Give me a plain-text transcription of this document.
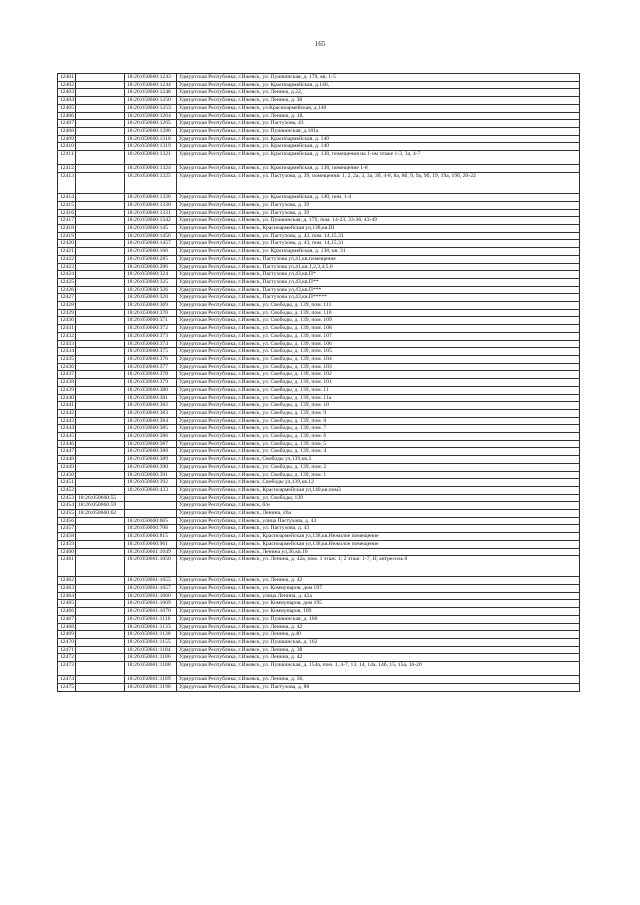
165
12401		18:26:050660:1243	Удмуртская Республика, г.Ижевск, ул. Пушкинская, д. 179, кв. 1-5
12402		18:26:050660:1244	Удмуртская Республика, г.Ижевск, ул. Красноармейская, д.140,
12403		18:26:050660:1248	Удмуртская Республика, г.Ижевск, ул. Ленина, д.22,
12404		18:26:050660:1250	Удмуртская Республика, г.Ижевск, ул. Ленина, д. 30
12405		18:26:050660:1253	Удмуртская Республика, г.Ижевск, ул.Красноармейская, д.140
12406		18:26:050660:1264	Удмуртская Республика, г.Ижевск, ул. Ленина, д. 18,
12407		18:26:050660:1265	Удмуртская Республика, г.Ижевск, ул. Пастухова, 43
12408		18:26:050660:1286	Удмуртская Республика, г.Ижевск, ул. Пушкинская, д.181а
12409		18:26:050660:1318	Удмуртская Республика, г.Ижевск, ул. Красноармейская, д. 140
12410		18:26:050660:1319	Удмуртская Республика, г.Ижевск, ул. Красноармейская, д. 140
12411		18:26:050660:1321	Удмуртская Республика, г.Ижевск, ул. Красноармейская, д. 138, помещения на 1-ом этаже 1-3, 3а, 4-7
12412		18:26:050660:1324	Удмуртская Республика, г.Ижевск, ул. Красноармейская, д. 138, помещение 1-8
12413		18:26:050660:1325	Удмуртская Республика, г.Ижевск, ул. Пастухова, д. 39, помещения: 1, 2, 2а, 3, 3а, 3б, 4-8, 8а, 8б, 9, 9а, 9б, 19, 19а, 19б, 20-22
12414		18:26:050660:1326	Удмуртская Республика, г.Ижевск, ул. Красноармейская, д. 140, пом. 1-4
12415		18:26:050660:1330	Удмуртская Республика, г.Ижевск, ул. Пастухова, д. 39
12416		18:26:050660:1331	Удмуртская Республика, г.Ижевск, ул. Пастухова, д. 39
12417		18:26:050660:1342	Удмуртская Республика, г.Ижевск, ул. Пушкинская, д. 179, пом. 14-23, 33-36, 43-49
12418		18:26:050660:145	Удмуртская Республика, г.Ижевск, Красноармейская ул,138,кв.III
12419		18:26:050660:1456	Удмуртская Республика, г.Ижевск, ул. Пастухова, д. 43, пом. 14,15,31
12420		18:26:050660:1457	Удмуртская Республика, г.Ижевск, ул. Пастухова, д. 43, пом. 14,15,31
12421		18:26:050660:166	Удмуртская Республика, г.Ижевск, ул. Красноармейская, д. 138, кв. 31
12422		18:26:050660:285	Удмуртская Республика, г.Ижевск, Пастухова ул,41,кв.помещение
12423		18:26:050660:286	Удмуртская Республика, г.Ижевск, Пастухова ул,41,кв.1,2,3,4,5,6
12424		18:26:050660:324	Удмуртская Республика, г.Ижевск, Пастухова ул,43,кв.П*
12425		18:26:050660:325	Удмуртская Республика, г.Ижевск, Пастухова ул,43,кв.П**
12426		18:26:050660:326	Удмуртская Республика, г.Ижевск, Пастухова ул,43,кв.П***
12427		18:26:050660:328	Удмуртская Республика, г.Ижевск, Пастухова ул,43,кв.П*****
12428		18:26:050660:369	Удмуртская Республика, г.Ижевск, ул. Свободы, д. 139, пом. 111
12429		18:26:050660:370	Удмуртская Республика, г.Ижевск, ул. Свободы, д. 139, пом. 110
12430		18:26:050660:371	Удмуртская Республика, г.Ижевск, ул. Свободы, д. 139, пом. 109
12431		18:26:050660:372	Удмуртская Республика, г.Ижевск, ул. Свободы, д. 139, пом. 108
12432		18:26:050660:373	Удмуртская Республика, г.Ижевск, ул. Свободы, д. 139, пом. 107
12433		18:26:050660:374	Удмуртская Республика, г.Ижевск, ул. Свободы, д. 139, пом. 106
12434		18:26:050660:375	Удмуртская Республика, г.Ижевск, ул. Свободы, д. 139, пом. 105
12435		18:26:050660:376	Удмуртская Республика, г.Ижевск, ул. Свободы, д. 139, пом. 104
12436		18:26:050660:377	Удмуртская Республика, г.Ижевск, ул. Свободы, д. 139, пом. 103
12437		18:26:050660:378	Удмуртская Республика, г.Ижевск, ул. Свободы, д. 139, пом. 102
12438		18:26:050660:379	Удмуртская Республика, г.Ижевск, ул. Свободы, д. 139, пом. 101
12439		18:26:050660:380	Удмуртская Республика, г.Ижевск, ул. Свободы, д. 139, пом. 11
12440		18:26:050660:381	Удмуртская Республика, г.Ижевск, ул. Свободы, д. 139, пом. 11а
12441		18:26:050660:382	Удмуртская Республика, г.Ижевск, ул. Свободы, д. 139, пом. 10
12442		18:26:050660:383	Удмуртская Республика, г.Ижевск, ул. Свободы, д. 139, пом. 9
12443		18:26:050660:384	Удмуртская Республика, г.Ижевск, ул. Свободы, д. 139, пом. 8
12444		18:26:050660:385	Удмуртская Республика, г.Ижевск, ул. Свободы, д. 139, пом. 7
12445		18:26:050660:386	Удмуртская Республика, г.Ижевск, ул. Свободы, д. 139, пом. 6
12446		18:26:050660:387	Удмуртская Республика, г.Ижевск, ул. Свободы, д. 139, пом. 5
12447		18:26:050660:388	Удмуртская Республика, г.Ижевск, ул. Свободы, д. 139, пом. 4
12448		18:26:050660:389	Удмуртская Республика, г.Ижевск, Свободы ул,139,кв.3
12449		18:26:050660:390	Удмуртская Республика, г.Ижевск, ул. Свободы, д. 139, пом. 2
12450		18:26:050660:391	Удмуртская Республика, г.Ижевск, ул. Свободы, д. 139, пом. 1
12451		18:26:050660:392	Удмуртская Республика, г.Ижевск, Свободы ул,139,кв.12
12452		18:26:050660:433	Удмуртская Республика, г.Ижевск, Красноармейская ул,140,кв.пом3
12453	18:26:050660:55		Удмуртская Республика, г.Ижевск, ул. Свободы, 139
12454	18:26:050660:59		Удмуртская Республика, г.Ижевск, б/н
12455	18:26:050660:62		Удмуртская Республика, г.Ижевск, Ленина, 26а
12456		18:26:050660:665	Удмуртская Республика, г.Ижевск, улица Пастухова, д. 43
12457		18:26:050660:706	Удмуртская Республика, г.Ижевск, ул. Пастухова, д. 43
12458		18:26:050660:815	Удмуртская Республика, г.Ижевск, Красноармейская ул,138,кв.Нежилое помещение
12459		18:26:050660:961	Удмуртская Республика, г.Ижевск, Красноармейская ул,138,кв.Нежилое помещение
12460		18:26:050661:1049	Удмуртская Республика, г.Ижевск, Ленина ул,36,кв.10
12461		18:26:050661:1050	Удмуртская Республика, г.Ижевск, ул. Ленина, д. 42а, пом. 1 этаж: 1; 2 этаж: 1-7, II; антресоль 8
12462		18:26:050661:1055	Удмуртская Республика, г.Ижевск, ул. Ленина, д. 42
12463		18:26:050661:1057	Удмуртская Республика, г.Ижевск, ул. Коммунаров, дом 197
12464		18:26:050661:1060	Удмуртская Республика, г.Ижевск, улица Ленина, д. 42а
12465		18:26:050661:1069	Удмуртская Республика, г.Ижевск, ул. Коммунаров, дом 195
12466		18:26:050661:1070	Удмуртская Республика, г.Ижевск, ул. Коммунаров, 189
12467		18:26:050661:1116	Удмуртская Республика, г.Ижевск, ул. Пушкинская, д. 160
12468		18:26:050661:1133	Удмуртская Республика, г.Ижевск, ул. Ленина, д. 42
12469		18:26:050661:1138	Удмуртская Республика, г.Ижевск, ул. Ленина, д.40
12470		18:26:050661:1155	Удмуртская Республика, г.Ижевск, ул. Пушкинская, д. 162
12471		18:26:050661:1184	Удмуртская Республика, г.Ижевск, ул. Ленина, д. 38
12472		18:26:050661:1186	Удмуртская Республика, г.Ижевск, ул. Ленина, д. 42
12473		18:26:050661:1188	Удмуртская Республика, г.Ижевск, ул. Пушкинская, д. 154а, пом. 1, 4-7, 13, 14, 14а, 14б, 15, 15а, 16-20
12474		18:26:050661:1189	Удмуртская Республика, г.Ижевск, ул. Ленина, д. 36,
12475		18:26:050661:1190	Удмуртская Республика, г.Ижевск, ул. Пастухова, д. 88
